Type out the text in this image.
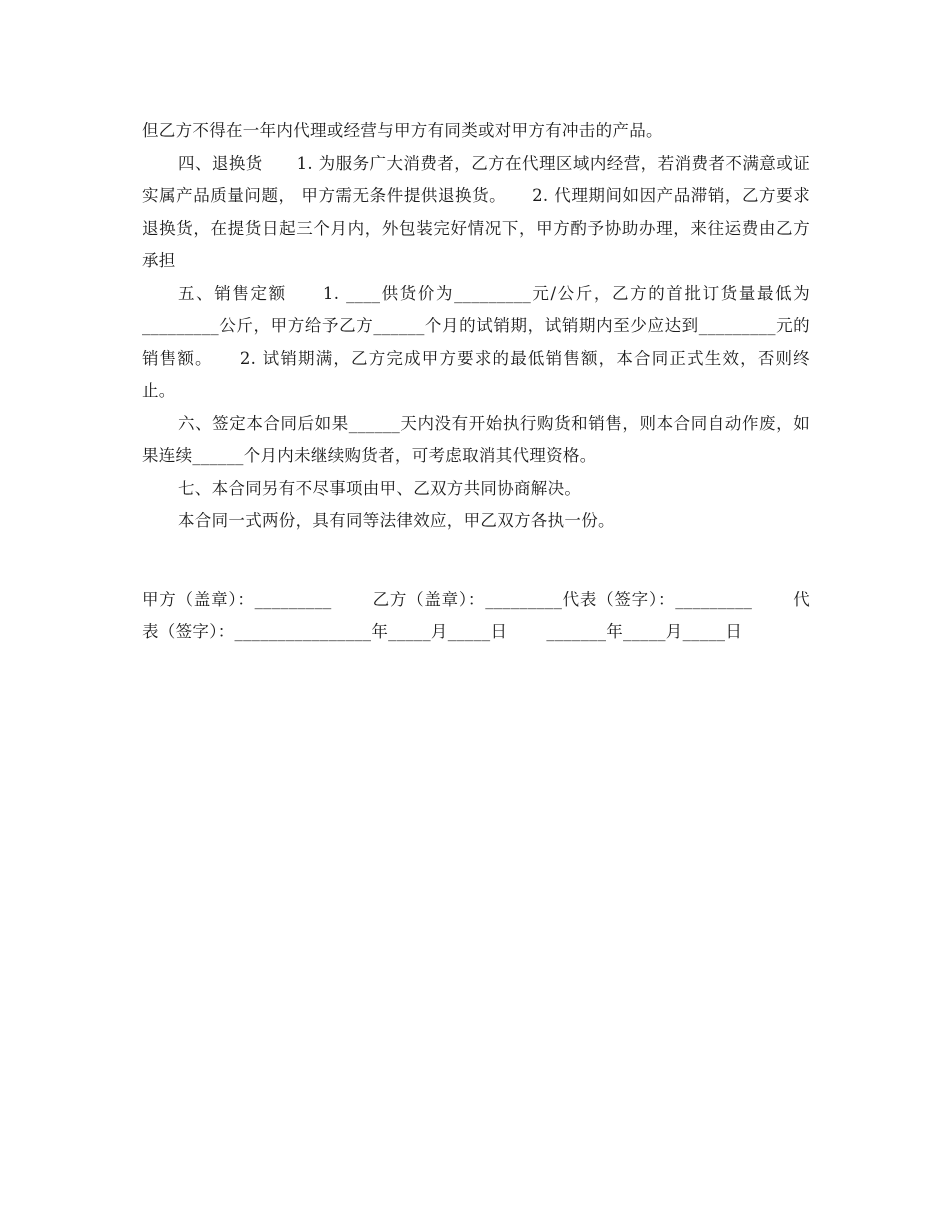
但乙方不得在一年内代理或经营与甲方有同类或对甲方有冲击的产品。

四、退换货　　1. 为服务广大消费者，乙方在代理区域内经营，若消费者不满意或证实属产品质量问题， 甲方需无条件提供退换货。　　2. 代理期间如因产品滞销，乙方要求退换货，在提货日起三个月内，外包装完好情况下，甲方酌予协助办理，来往运费由乙方承担

五、销售定额　　1. ____供货价为_________元/公斤，乙方的首批订货量最低为_________公斤，甲方给予乙方______个月的试销期，试销期内至少应达到_________元的销售额。　　2. 试销期满，乙方完成甲方要求的最低销售额，本合同正式生效，否则终止。

六、签定本合同后如果______天内没有开始执行购货和销售，则本合同自动作废，如果连续______个月内未继续购货者，可考虑取消其代理资格。

七、本合同另有不尽事项由甲、乙双方共同协商解决。

本合同一式两份，具有同等法律效应，甲乙双方各执一份。

甲方（盖章）：_________　　 乙方（盖章）：_________代表（签字）：_________　　 代表（签字）：________________年_____月_____日　　 _______年_____月_____日
